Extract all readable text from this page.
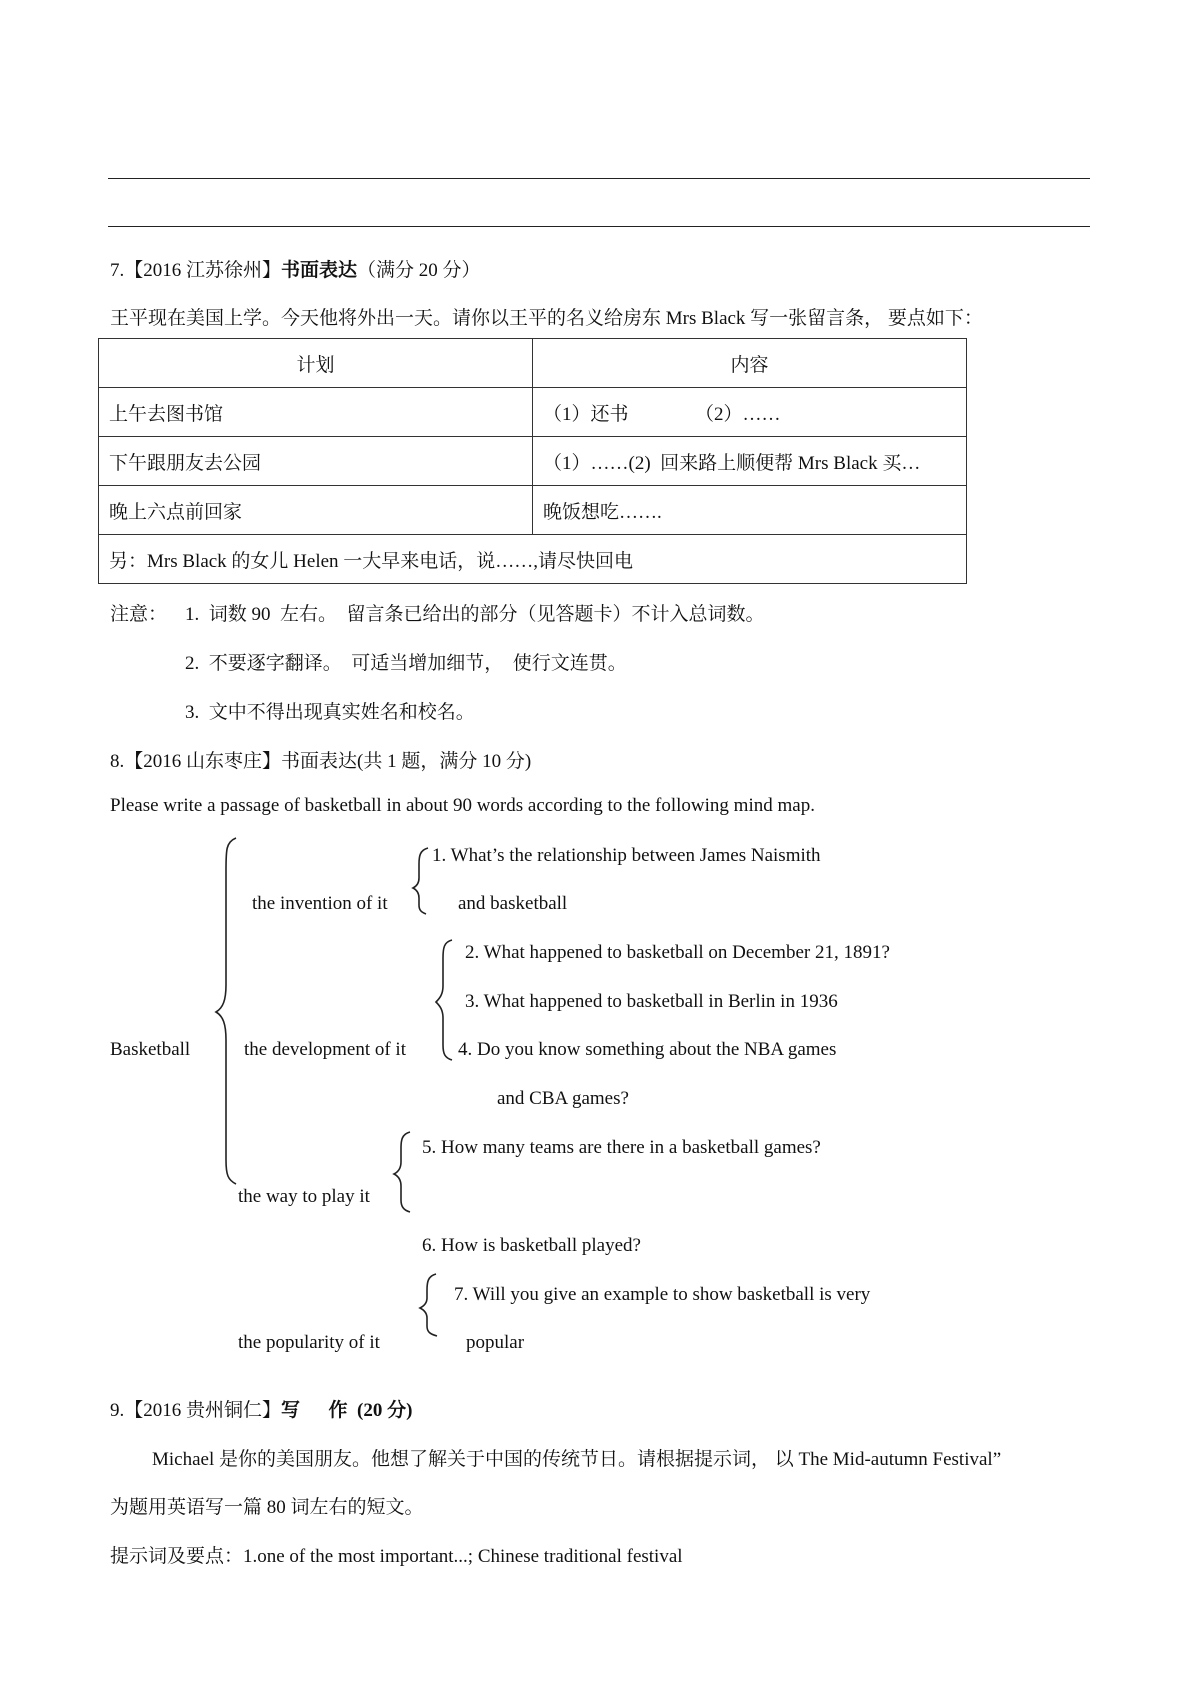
7.【2016 江苏徐州】书面表达（满分 20 分）
王平现在美国上学。今天他将外出一天。请你以王平的名义给房东 Mrs Black 写一张留言条， 要点如下：
计划	内容
上午去图书馆	（1）还书              （2）……
下午跟朋友去公园	（1）……(2)  回来路上顺便帮 Mrs Black 买…
晚上六点前回家	晚饭想吃…….
另：Mrs Black 的女儿 Helen 一大早来电话，说……,请尽快回电	
注意： 1.  词数 90  左右。  留言条已给出的部分（见答题卡）不计入总词数。
2.  不要逐字翻译。  可适当增加细节，  使行文连贯。
3.  文中不得出现真实姓名和校名。
8.【2016 山东枣庄】书面表达(共 1 题，满分 10 分)
Please write a passage of basketball in about 90 words according to the following mind map.
Basketball
the invention of it
1. What’s the relationship between James Naismith
and basketball
the development of it
2. What happened to basketball on December 21, 1891?
3. What happened to basketball in Berlin in 1936
4. Do you know something about the NBA games
and CBA games?
the way to play it
5. How many teams are there in a basketball games?
6. How is basketball played?
the popularity of it
7. Will you give an example to show basketball is very
popular
9.【2016 贵州铜仁】写      作  (20 分)
Michael 是你的美国朋友。他想了解关于中国的传统节日。请根据提示词， 以 The Mid-autumn Festival”
为题用英语写一篇 80 词左右的短文。
提示词及要点：1.one of the most important...; Chinese traditional festival
